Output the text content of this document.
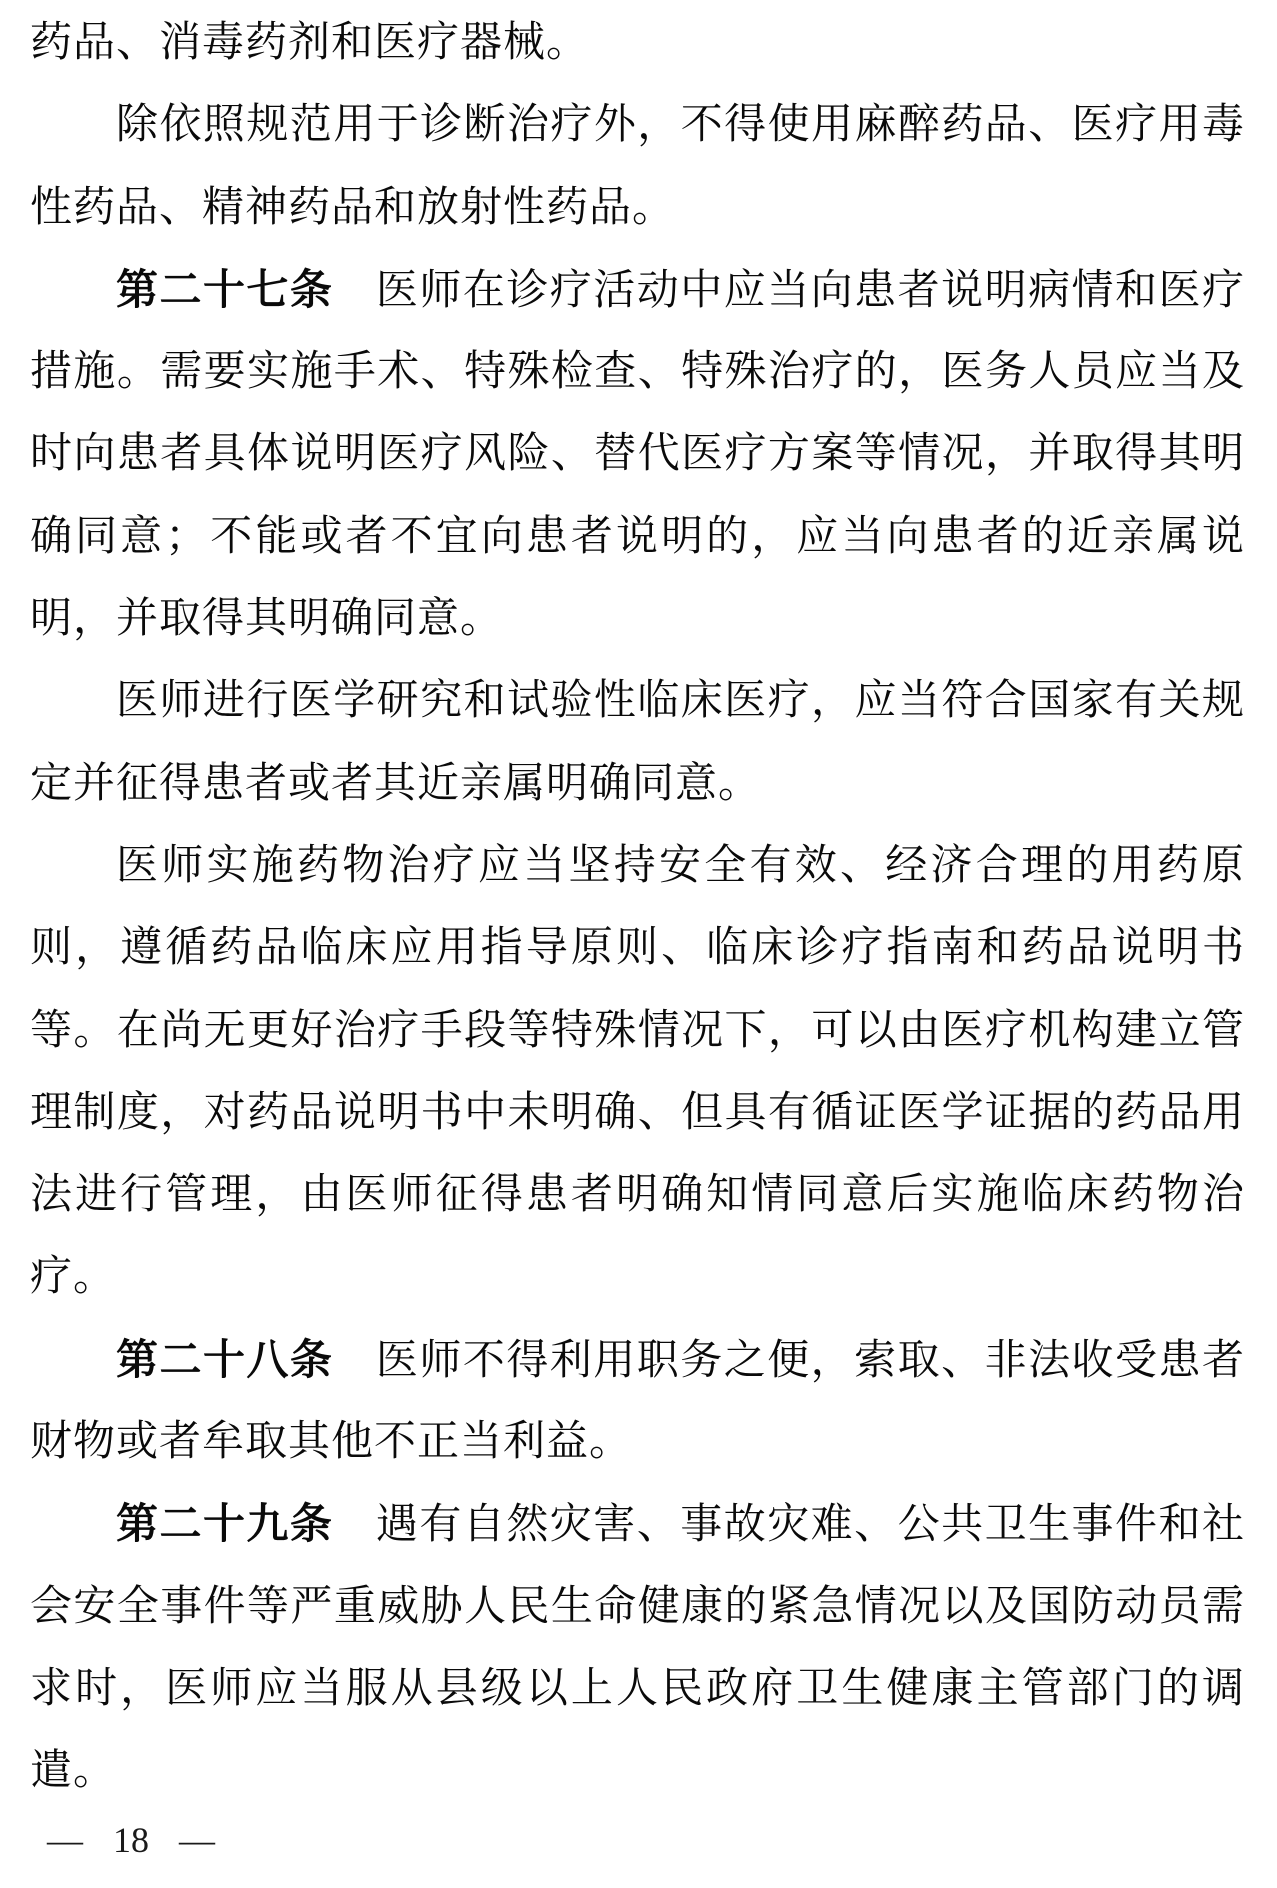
药品、消毒药剂和医疗器械。
除依照规范用于诊断治疗外，不得使用麻醉药品、医疗用毒
性药品、精神药品和放射性药品。
第二十七条 医师在诊疗活动中应当向患者说明病情和医疗
措施。需要实施手术、特殊检查、特殊治疗的，医务人员应当及
时向患者具体说明医疗风险、替代医疗方案等情况，并取得其明
确同意；不能或者不宜向患者说明的，应当向患者的近亲属说
明，并取得其明确同意。
医师进行医学研究和试验性临床医疗，应当符合国家有关规
定并征得患者或者其近亲属明确同意。
医师实施药物治疗应当坚持安全有效、经济合理的用药原
则，遵循药品临床应用指导原则、临床诊疗指南和药品说明书
等。在尚无更好治疗手段等特殊情况下，可以由医疗机构建立管
理制度，对药品说明书中未明确、但具有循证医学证据的药品用
法进行管理，由医师征得患者明确知情同意后实施临床药物治
疗。
第二十八条 医师不得利用职务之便，索取、非法收受患者
财物或者牟取其他不正当利益。
第二十九条 遇有自然灾害、事故灾难、公共卫生事件和社
会安全事件等严重威胁人民生命健康的紧急情况以及国防动员需
求时，医师应当服从县级以上人民政府卫生健康主管部门的调
遣。
— 18 —
